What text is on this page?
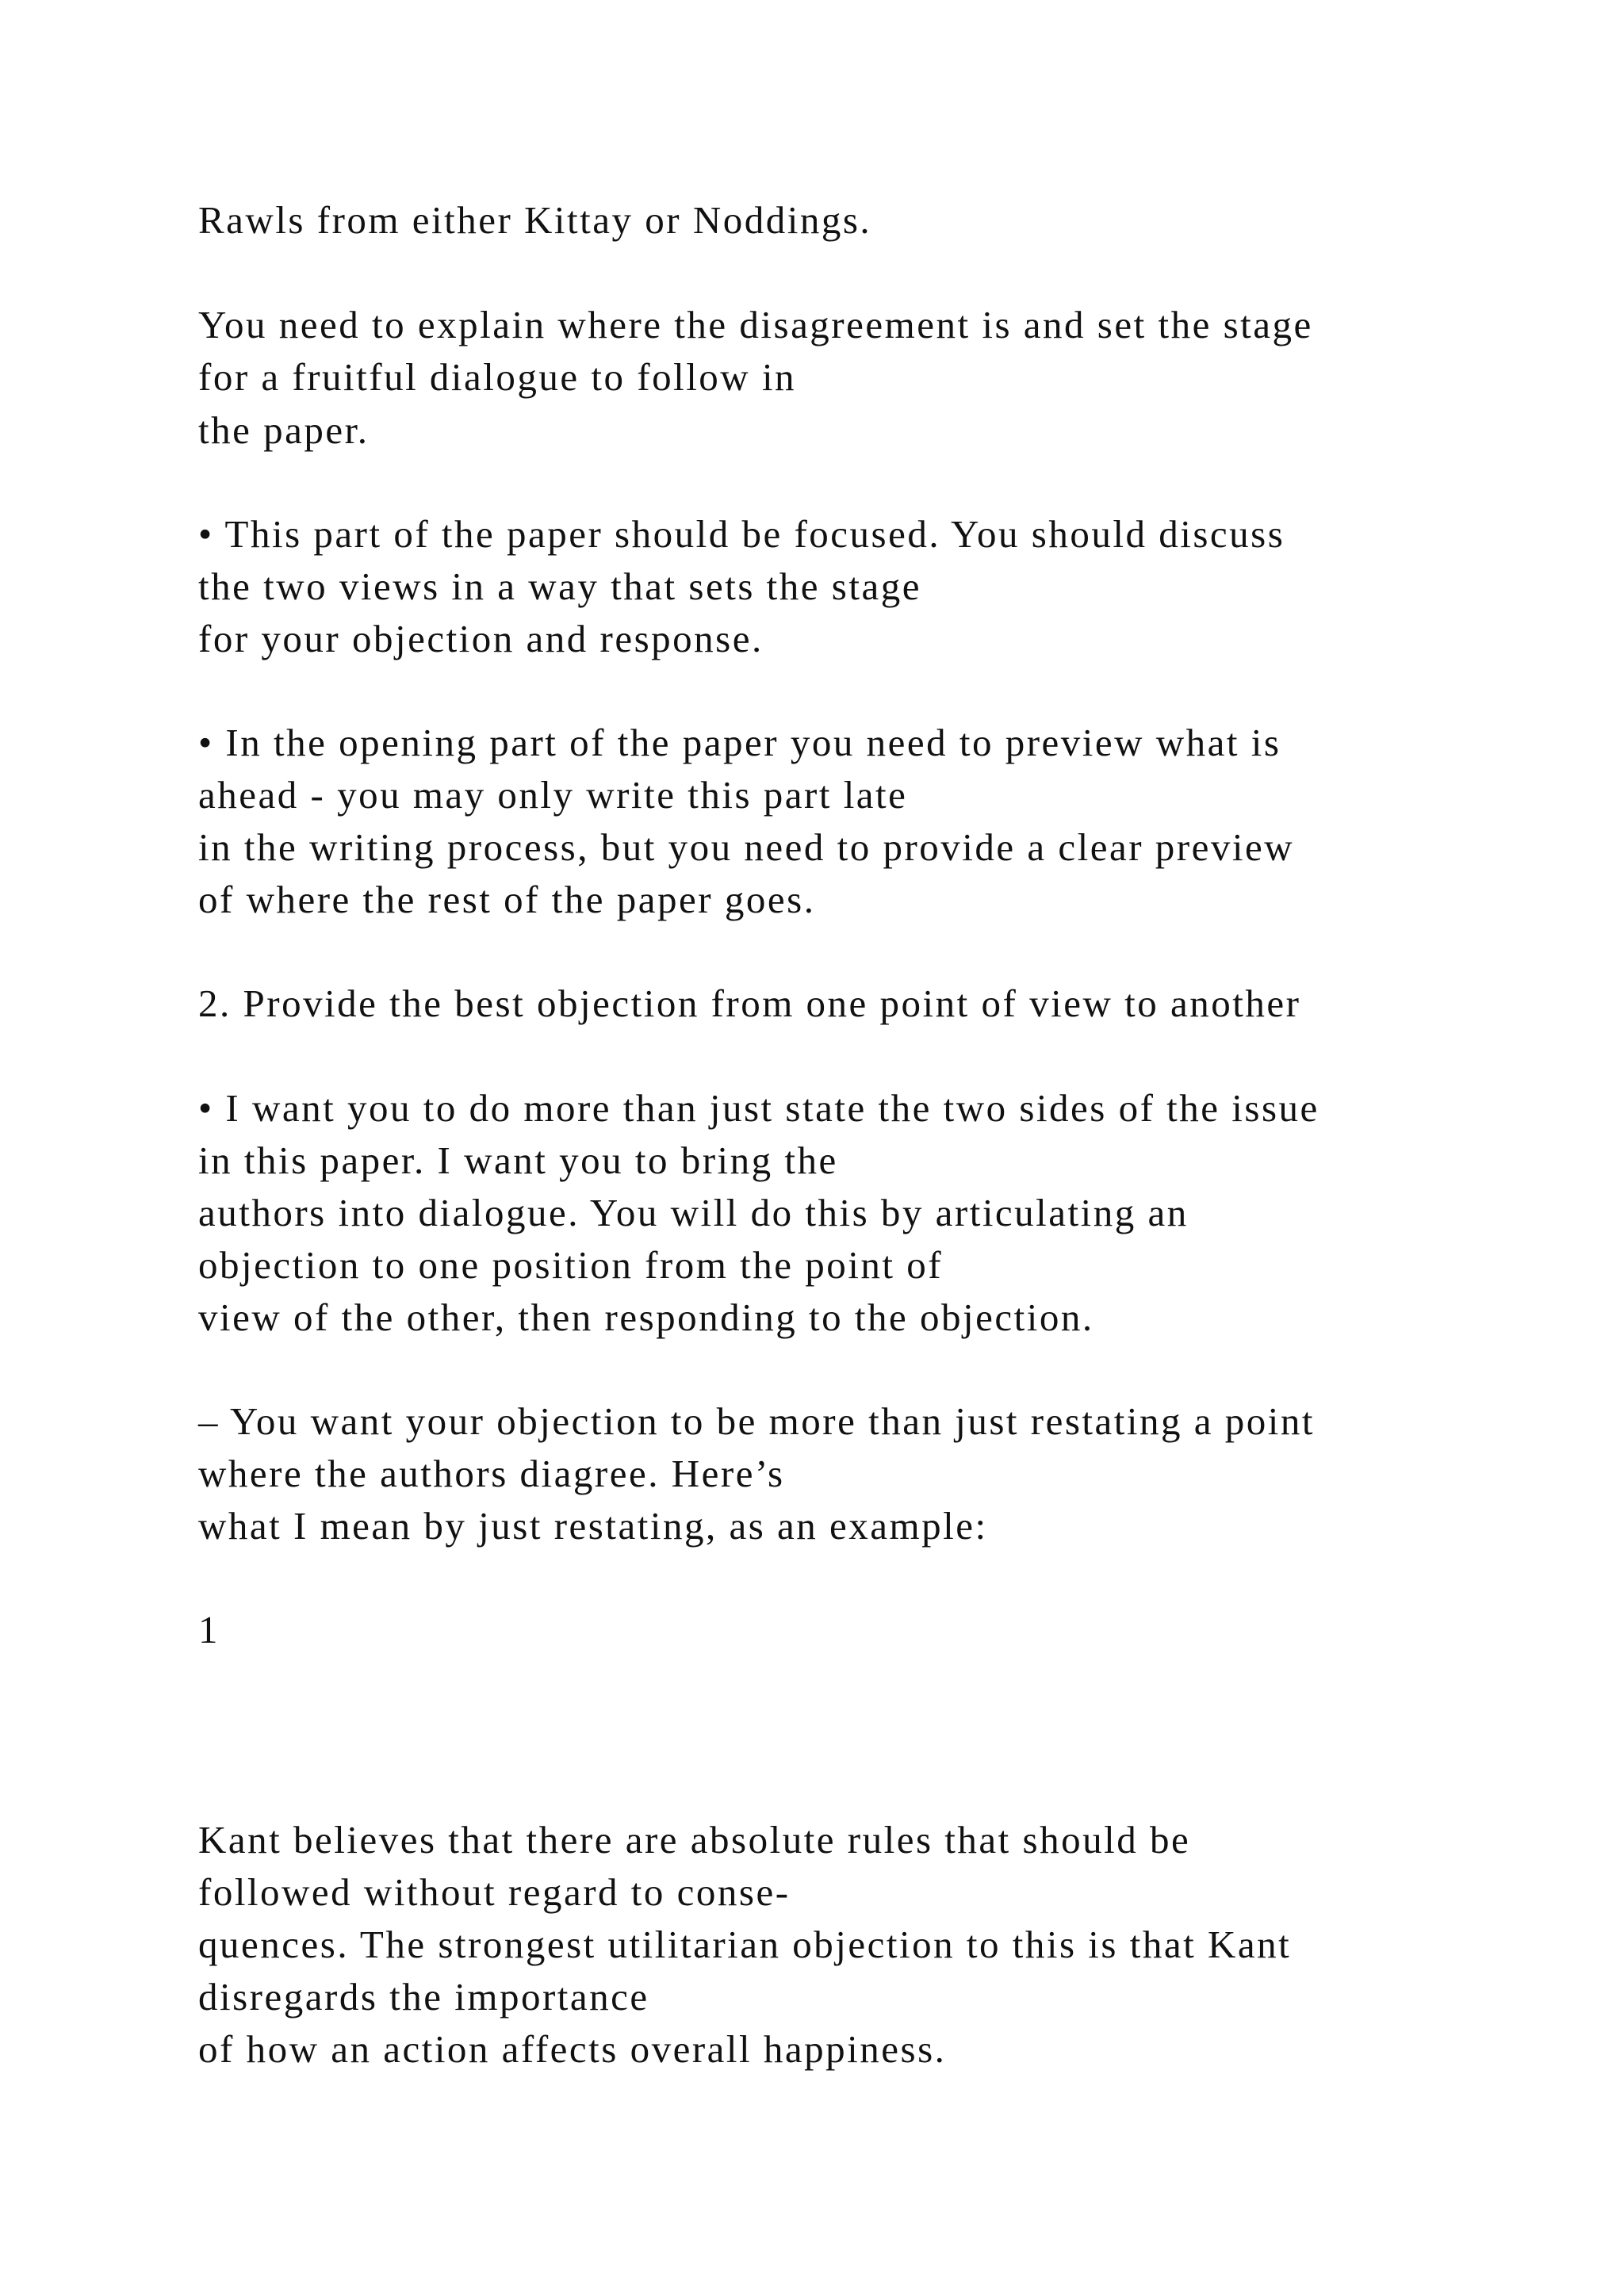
Rawls from either Kittay or Noddings.
You need to explain where the disagreement is and set the stage
for a fruitful dialogue to follow in
the paper.
• This part of the paper should be focused. You should discuss
the two views in a way that sets the stage
for your objection and response.
• In the opening part of the paper you need to preview what is
ahead - you may only write this part late
in the writing process, but you need to provide a clear preview
of where the rest of the paper goes.
2. Provide the best objection from one point of view to another
• I want you to do more than just state the two sides of the issue
in this paper. I want you to bring the
authors into dialogue. You will do this by articulating an
objection to one position from the point of
view of the other, then responding to the objection.
– You want your objection to be more than just restating a point
where the authors diagree. Here’s
what I mean by just restating, as an example:
1
Kant believes that there are absolute rules that should be
followed without regard to conse-
quences. The strongest utilitarian objection to this is that Kant
disregards the importance
of how an action affects overall happiness.
